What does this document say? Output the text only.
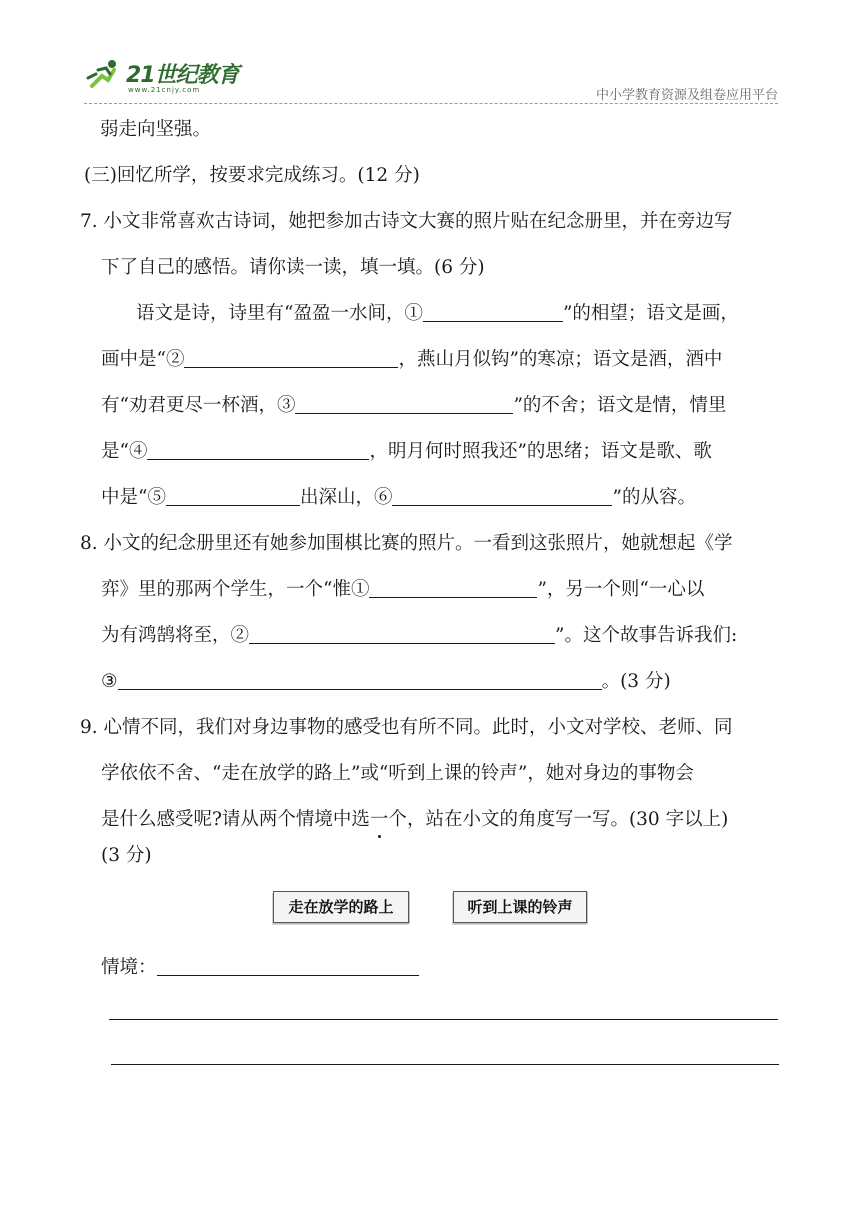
21世纪教育
www.21cnjy.com	中小学教育资源及组卷应用平台
弱走向坚强。
(三)回忆所学，按要求完成练习。(12 分)
7. 小文非常喜欢古诗词，她把参加古诗文大赛的照片贴在纪念册里，并在旁边写
下了自己的感悟。请你读一读，填一填。(6 分)
语文是诗，诗里有“盈盈一水间，①	”的相望；语文是画，
画中是“②	，燕山月似钩”的寒凉；语文是酒，酒中
有“劝君更尽一杯酒，③	”的不舍；语文是情，情里
是“④	，明月何时照我还”的思绪；语文是歌、歌
中是“⑤	出深山，⑥	”的从容。
8. 小文的纪念册里还有她参加围棋比赛的照片。一看到这张照片，她就想起《学
弈》里的那两个学生，一个“惟①	”，另一个则“一心以
为有鸿鹄将至，②	”。这个故事告诉我们:
③	。(3 分)
9. 心情不同，我们对身边事物的感受也有所不同。此时，小文对学校、老师、同
学依依不舍、“走在放学的路上”或“听到上课的铃声”，她对身边的事物会
是什么感受呢?请从两个情境中选一个，站在小文的角度写一写。(30 字以上)
(3 分)
走在放学的路上	听到上课的铃声
情境：
